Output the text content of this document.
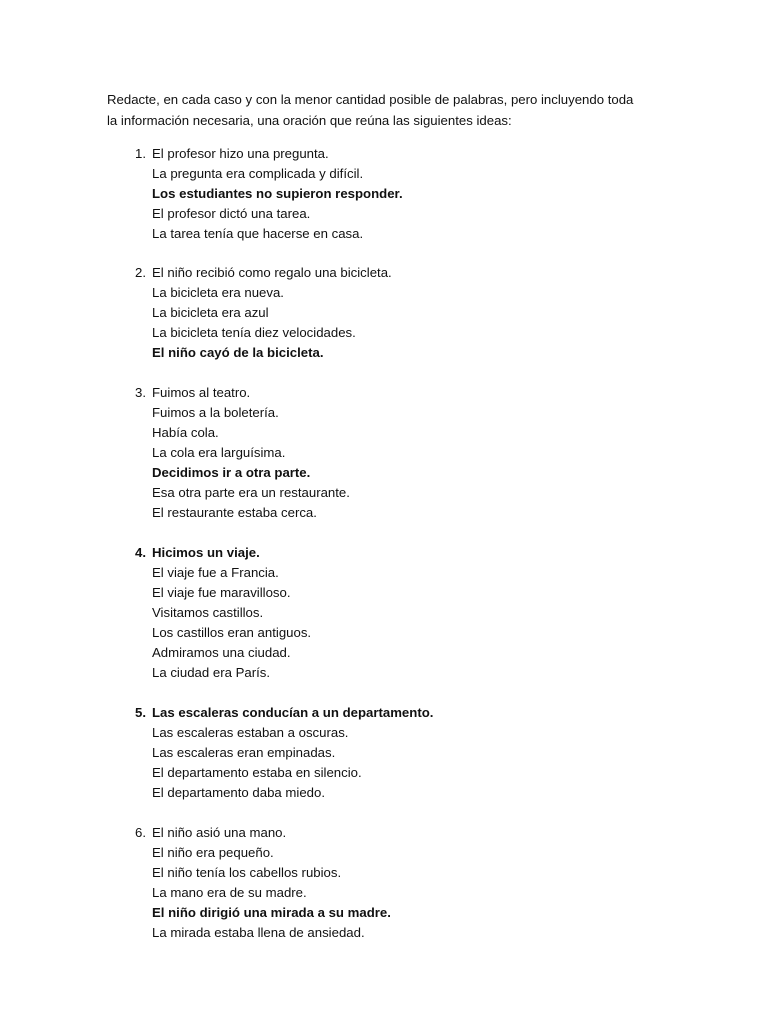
Redacte, en cada caso y con la menor cantidad posible de palabras, pero incluyendo toda la información necesaria, una oración que reúna las siguientes ideas:

1. El profesor hizo una pregunta.
La pregunta era complicada y difícil.
Los estudiantes no supieron responder.
El profesor dictó una tarea.
La tarea tenía que hacerse en casa.
2. El niño recibió como regalo una bicicleta.
La bicicleta era nueva.
La bicicleta era azul
La bicicleta tenía diez velocidades.
El niño cayó de la bicicleta.
3. Fuimos al teatro.
Fuimos a la boletería.
Había cola.
La cola era larguísima.
Decidimos ir a otra parte.
Esa otra parte era un restaurante.
El restaurante estaba cerca.
4. Hicimos un viaje.
El viaje fue a Francia.
El viaje fue maravilloso.
Visitamos castillos.
Los castillos eran antiguos.
Admiramos una ciudad.
La ciudad era París.
5. Las escaleras conducían a un departamento.
Las escaleras estaban a oscuras.
Las escaleras eran empinadas.
El departamento estaba en silencio.
El departamento daba miedo.
6. El niño asió una mano.
El niño era pequeño.
El niño tenía los cabellos rubios.
La mano era de su madre.
El niño dirigió una mirada a su madre.
La mirada estaba llena de ansiedad.
